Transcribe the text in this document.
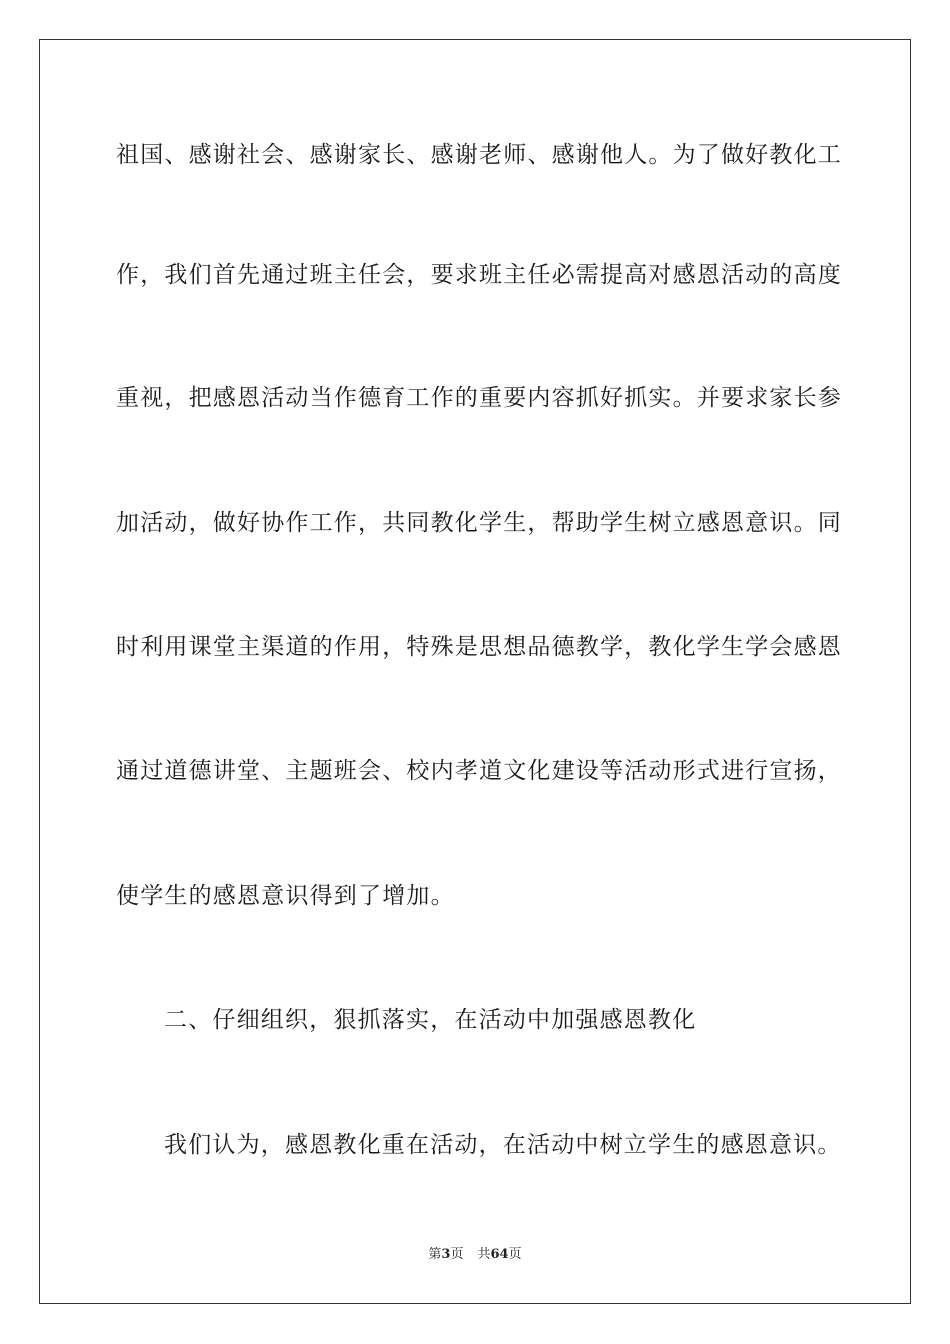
祖国、感谢社会、感谢家长、感谢老师、感谢他人。为了做好教化工
作，我们首先通过班主任会，要求班主任必需提高对感恩活动的高度
重视，把感恩活动当作德育工作的重要内容抓好抓实。并要求家长参
加活动，做好协作工作，共同教化学生，帮助学生树立感恩意识。同
时利用课堂主渠道的作用，特殊是思想品德教学，教化学生学会感恩
通过道德讲堂、主题班会、校内孝道文化建设等活动形式进行宣扬，
使学生的感恩意识得到了增加。
二、仔细组织，狠抓落实，在活动中加强感恩教化
我们认为，感恩教化重在活动，在活动中树立学生的感恩意识。
第3页 共64页
